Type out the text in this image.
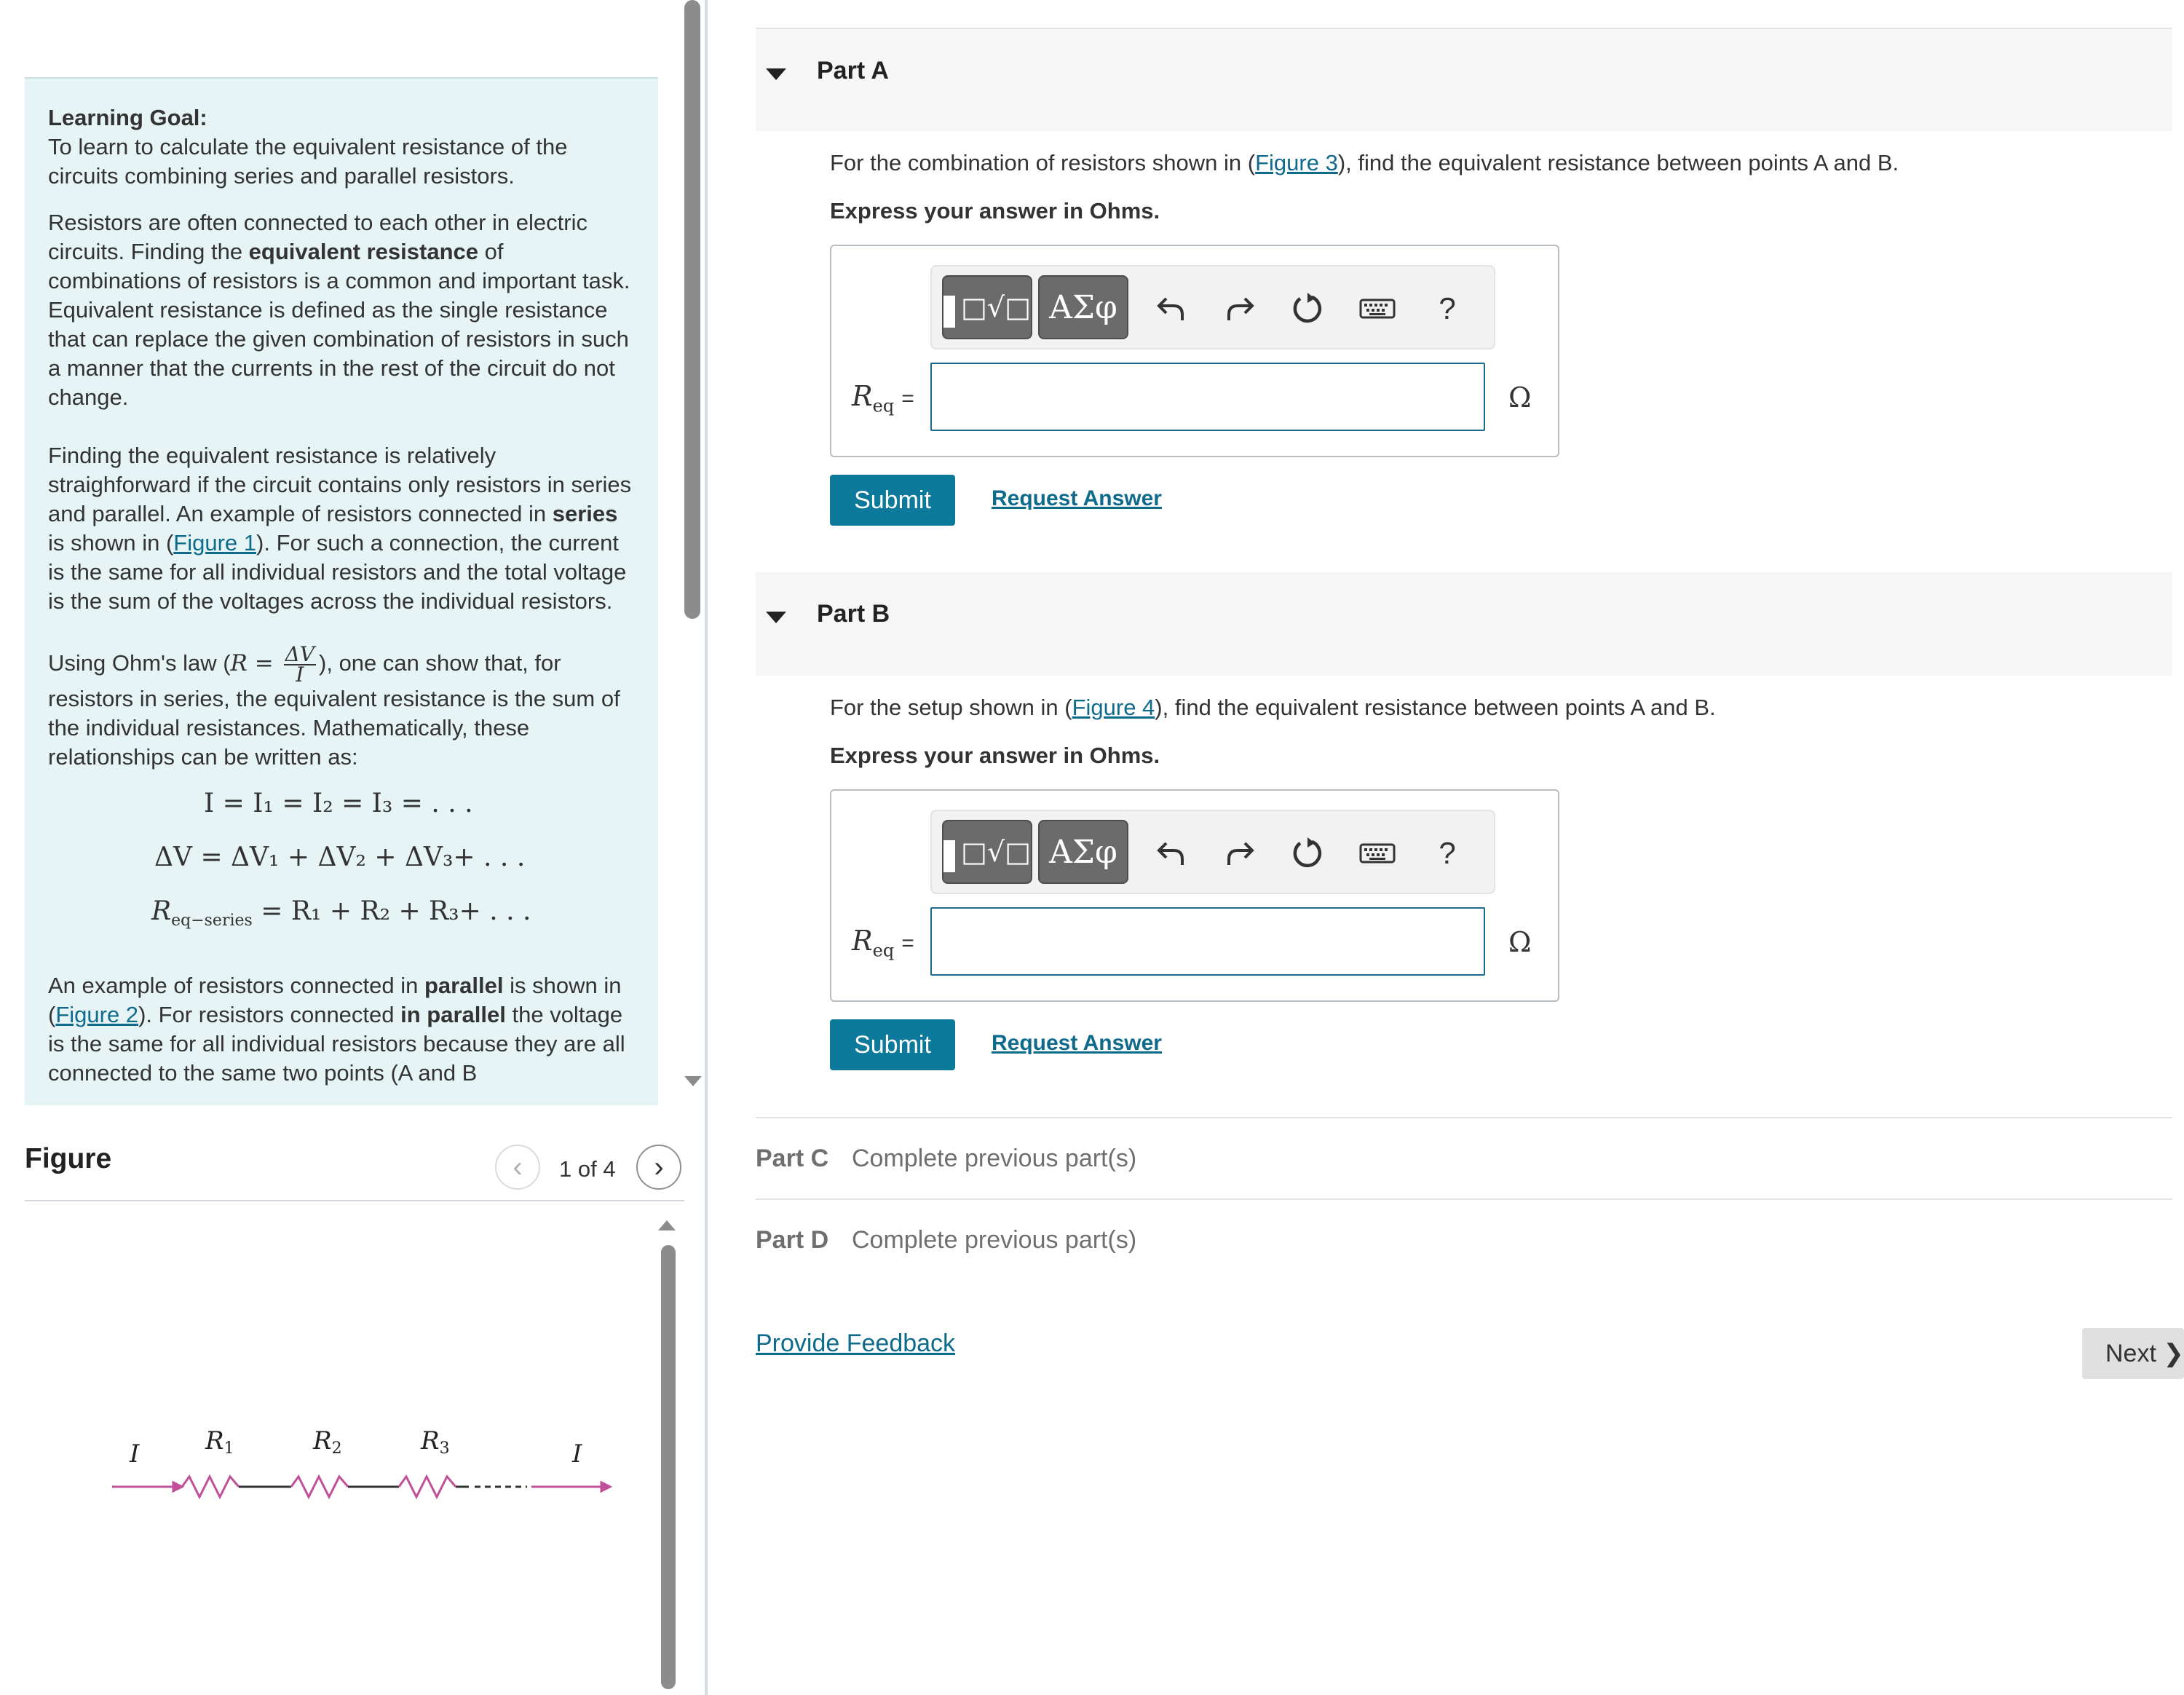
Learning Goal:
To learn to calculate the equivalent resistance of the circuits combining series and parallel resistors.

Resistors are often connected to each other in electric circuits. Finding the equivalent resistance of combinations of resistors is a common and important task. Equivalent resistance is defined as the single resistance that can replace the given combination of resistors in such a manner that the currents in the rest of the circuit do not change.

Finding the equivalent resistance is relatively straighforward if the circuit contains only resistors in series and parallel. An example of resistors connected in series is shown in (Figure 1). For such a connection, the current is the same for all individual resistors and the total voltage is the sum of the voltages across the individual resistors.

Using Ohm's law ($R = \frac{\Delta V}{I}$ ), one can show that, for resistors in series, the equivalent resistance is the sum of the individual resistances. Mathematically, these relationships can be written as:

I = I₁ = I₂ = I₃ = . . .
ΔV = ΔV₁ + ΔV₂ + ΔV₃+ . . .
$R_{eq-series} = R_1 + R_2 + R_3+$ . . .

An example of resistors connected in parallel is shown in (Figure 2). For resistors connected in parallel the voltage is the same for all individual resistors because they are all connected to the same two points (A and B

Figure	‹ 1 of 4 ›
I	I
R1	R2	R3
Part A
For the combination of resistors shown in (Figure 3), find the equivalent resistance between points A and B.
Express your answer in Ohms.
□√□ ΑΣφ	?
$R_{eq}$ =	Ω
Submit	Request Answer
Part B
For the setup shown in (Figure 4), find the equivalent resistance between points A and B.
Express your answer in Ohms.
□√□ ΑΣφ	?
$R_{eq}$ =	Ω
Submit	Request Answer
Part C Complete previous part(s)
Part D Complete previous part(s)
Provide Feedback	Next ❯
